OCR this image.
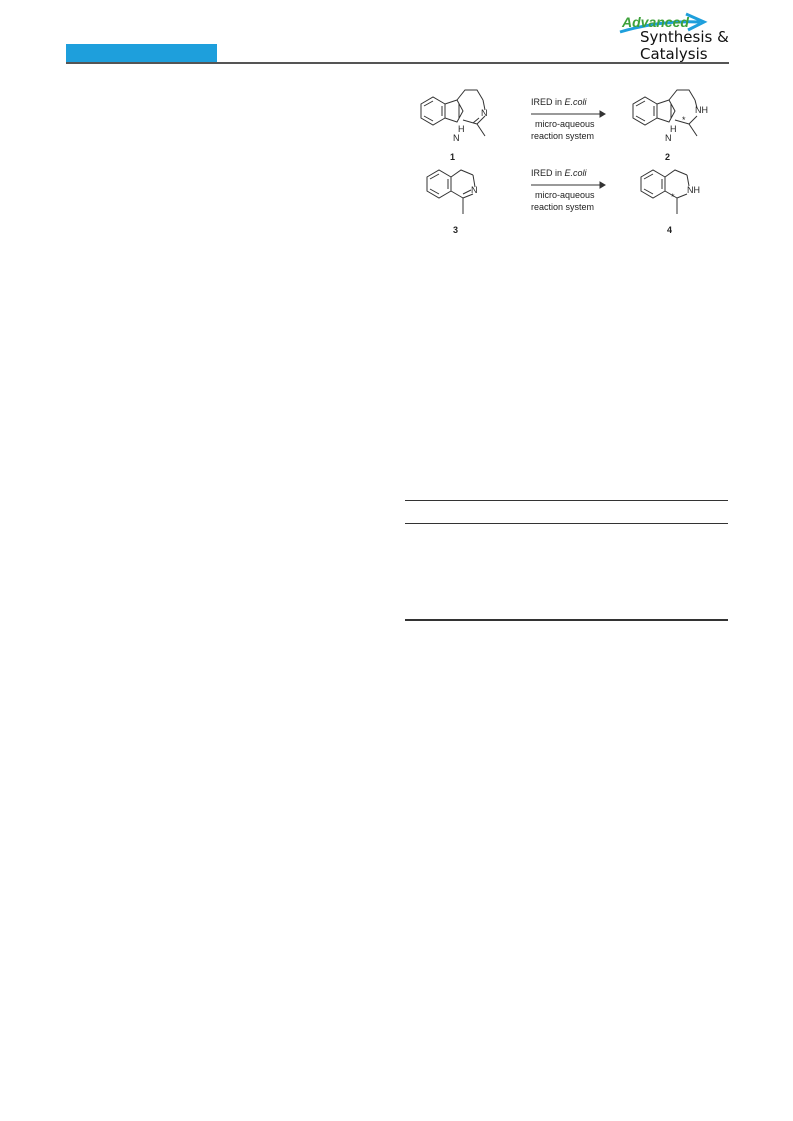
Advanced
Synthesis &
Catalysis
N
H
N
NH
*
H
N
N	NH
*
IRED in E.coli
micro-aqueous
reaction system
IRED in E.coli
micro-aqueous
reaction system
1	2
3	4
